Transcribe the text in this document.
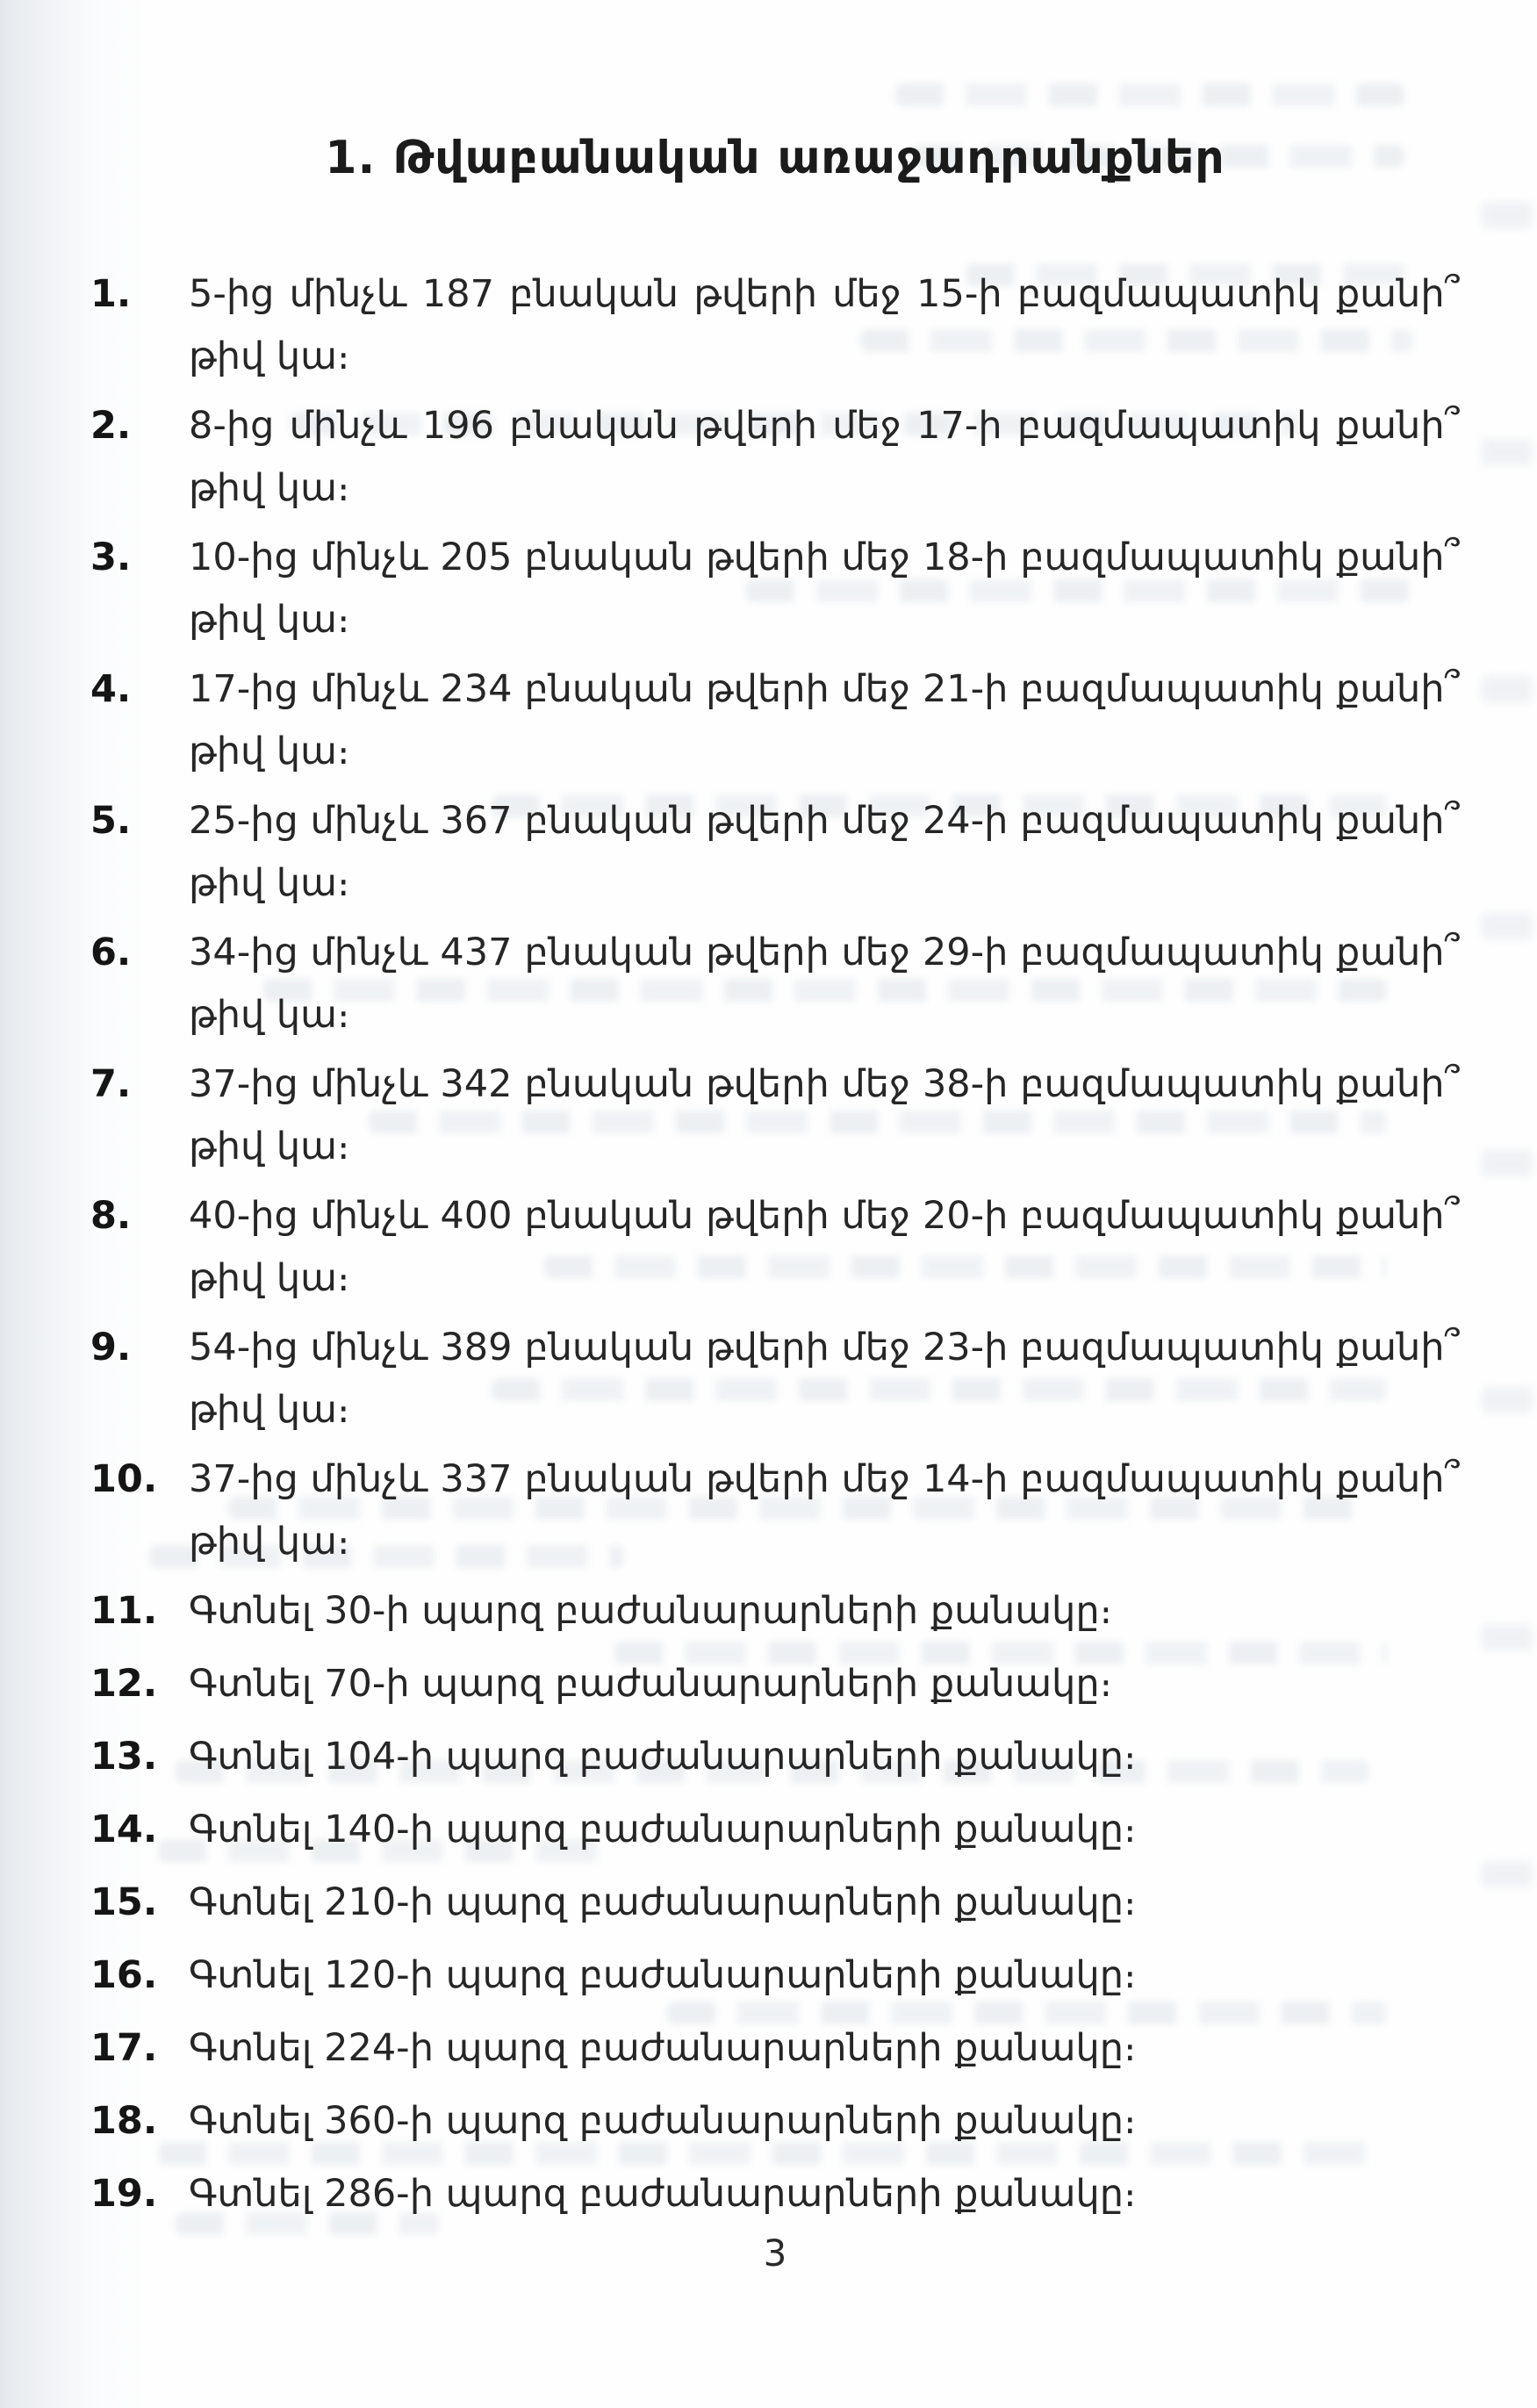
1. Թվաբանական առաջադրանքներ
1.	5-ից մինչև 187 բնական թվերի մեջ 15-ի բազմապատիկ քանի՞
թիվ կա։
2.	8-ից մինչև 196 բնական թվերի մեջ 17-ի բազմապատիկ քանի՞
թիվ կա։
3.	10-ից մինչև 205 բնական թվերի մեջ 18-ի բազմապատիկ քանի՞
թիվ կա։
4.	17-ից մինչև 234 բնական թվերի մեջ 21-ի բազմապատիկ քանի՞
թիվ կա։
5.	25-ից մինչև 367 բնական թվերի մեջ 24-ի բազմապատիկ քանի՞
թիվ կա։
6.	34-ից մինչև 437 բնական թվերի մեջ 29-ի բազմապատիկ քանի՞
թիվ կա։
7.	37-ից մինչև 342 բնական թվերի մեջ 38-ի բազմապատիկ քանի՞
թիվ կա։
8.	40-ից մինչև 400 բնական թվերի մեջ 20-ի բազմապատիկ քանի՞
թիվ կա։
9.	54-ից մինչև 389 բնական թվերի մեջ 23-ի բազմապատիկ քանի՞
թիվ կա։
10. 37-ից մինչև 337 բնական թվերի մեջ 14-ի բազմապատիկ քանի՞
թիվ կա։
11. Գտնել 30-ի պարզ բաժանարարների քանակը։
12. Գտնել 70-ի պարզ բաժանարարների քանակը։
13. Գտնել 104-ի պարզ բաժանարարների քանակը։
14. Գտնել 140-ի պարզ բաժանարարների քանակը։
15. Գտնել 210-ի պարզ բաժանարարների քանակը։
16. Գտնել 120-ի պարզ բաժանարարների քանակը։
17. Գտնել 224-ի պարզ բաժանարարների քանակը։
18. Գտնել 360-ի պարզ բաժանարարների քանակը։
19. Գտնել 286-ի պարզ բաժանարարների քանակը։
3
